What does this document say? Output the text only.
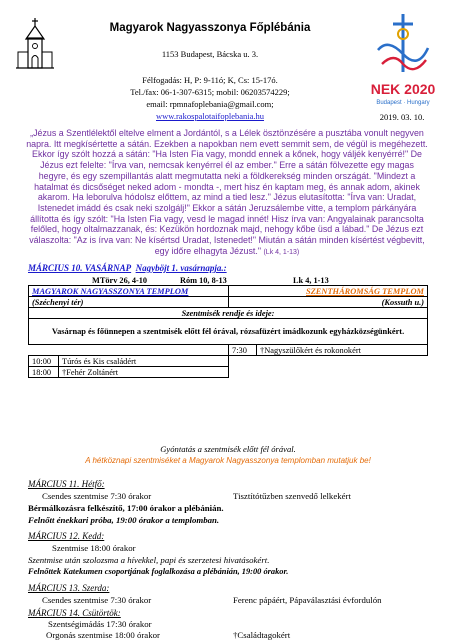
Magyarok Nagyasszonya Főplébánia
1153 Budapest, Bácska u. 3.
Félfogadás: H, P: 9-11ó; K, Cs: 15-17ó.
Tel./fax: 06-1-307-6315; mobil: 06203574229;
email: rpmnafoplebania@gmail.com;
www.rakospalotaifoplebania.hu	2019. 03. 10.
NEK 2020
Budapest · Hungary
„Jézus a Szentlélektől eltelve elment a Jordántól, s a Lélek ösztönzésére a pusztába vonult negyven napra. Itt megkísértette a sátán. Ezekben a napokban nem evett semmit sem, de végül is megéhezett. Ekkor így szólt hozzá a sátán: "Ha Isten Fia vagy, mondd ennek a kőnek, hogy váljék kenyérré!" De Jézus ezt felelte: "Írva van, nemcsak kenyérrel él az ember." Erre a sátán fölvezette egy magas hegyre, és egy szempillantás alatt megmutatta neki a földkerekség minden országát. "Mindezt a hatalmat és dicsőséget neked adom - mondta -, mert hisz én kaptam meg, és annak adom, akinek akarom. Ha leborulva hódolsz előttem, az mind a tied lesz." Jézus elutasította: "Írva van: Uradat, Istenedet imádd és csak neki szolgálj!" Ekkor a sátán Jeruzsálembe vitte, a templom párkányára állította és így szólt: "Ha Isten Fia vagy, vesd le magad innét! Hisz írva van: Angyalainak parancsolta felőled, hogy oltalmazzanak, és: Kezükön hordoznak majd, nehogy kőbe üsd a lábad." De Jézus ezt válaszolta: "Az is írva van: Ne kísértsd Uradat, Istenedet!" Miután a sátán minden kísértést végbevitt, egy időre elhagyta Jézust." (Lk 4, 1-13)
MÁRCIUS 10. VASÁRNAP Nagyböjt 1. vasárnapja.:
MTörv 26, 4-10	Róm 10, 8-13	Lk 4, 1-13
MAGYAROK NAGYASSZONYA TEMPLOM		SZENTHÁROMSÁG TEMPLOM	
(Széchenyi tér)		(Kossuth u.)	
Szentmisék rendje és ideje:			
Vasárnap és főünnepen a szentmisék előtt fél órával, rózsafüzért imádkozunk egyházközségünkért.			
		7:30	†Nagyszülőkért és rokonokért
10:00	Túrós és Kis családért		
18:00	†Fehér Zoltánért		
Gyóntatás a szentmisék előtt fél órával.
A hétköznapi szentmiséket a Magyarok Nagyasszonya templomban mutatjuk be!
MÁRCIUS 11. Hétfő:
Csendes szentmise 7:30 órakor	Tisztítótűzben szenvedő lelkekért
Bérmálkozásra felkészítő, 17:00 órakor a plébánián.
Felnőtt énekkari próba, 19:00 órakor a templomban.
MÁRCIUS 12. Kedd:
Szentmise 18:00 órakor
Szentmise után szolozsma a hívekkel, papi és szerzetesi hivatásokért.
Felnőttek Katekumen csoportjának foglalkozása a plébánián, 19:00 órakor.
MÁRCIUS 13. Szerda:
Csendes szentmise 7:30 órakor	Ferenc pápáért, Pápaválasztási évfordulón
MÁRCIUS 14. Csütörtök:
Szentségimádás 17:30 órakor
Orgonás szentmise 18:00 órakor	†Családtagokért
